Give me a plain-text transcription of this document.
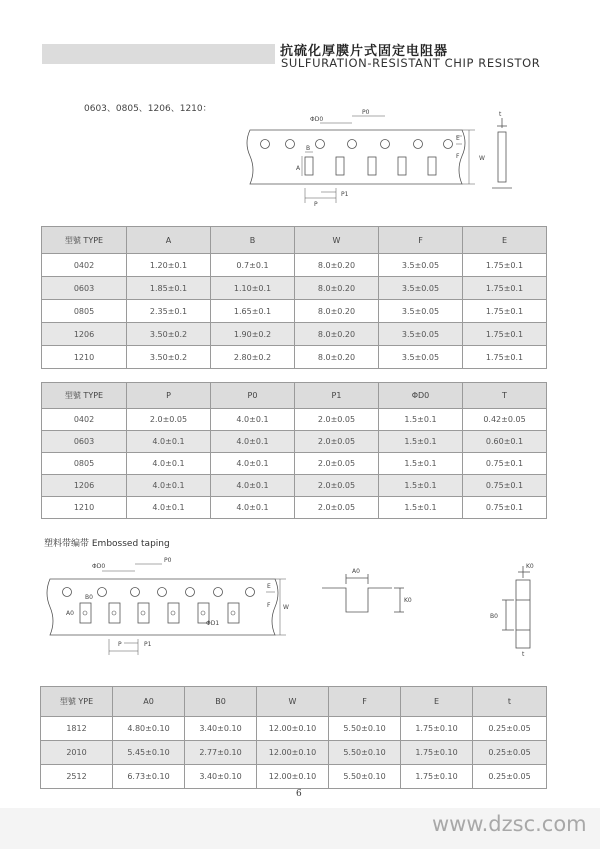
抗硫化厚膜片式固定电阻器
SULFURATION-RESISTANT CHIP RESISTOR
0603、0805、1206、1210：
ΦD0
P0
B
A
E
F	W
t
P
P1
型號 TYPE	A	B	W	F	E
0402	1.20±0.1	0.7±0.1	8.0±0.20	3.5±0.05	1.75±0.1
0603	1.85±0.1	1.10±0.1	8.0±0.20	3.5±0.05	1.75±0.1
0805	2.35±0.1	1.65±0.1	8.0±0.20	3.5±0.05	1.75±0.1
1206	3.50±0.2	1.90±0.2	8.0±0.20	3.5±0.05	1.75±0.1
1210	3.50±0.2	2.80±0.2	8.0±0.20	3.5±0.05	1.75±0.1
型號 TYPE	P	P0	P1	ΦD0	T
0402	2.0±0.05	4.0±0.1	2.0±0.05	1.5±0.1	0.42±0.05
0603	4.0±0.1	4.0±0.1	2.0±0.05	1.5±0.1	0.60±0.1
0805	4.0±0.1	4.0±0.1	2.0±0.05	1.5±0.1	0.75±0.1
1206	4.0±0.1	4.0±0.1	2.0±0.05	1.5±0.1	0.75±0.1
1210	4.0±0.1	4.0±0.1	2.0±0.05	1.5±0.1	0.75±0.1
塑料带编带 Embossed taping
ΦD0
P0
A0
B0
ΦD1
E
F W
P	P1
A0
K0
K0
B0
t
型號 YPE	A0	B0	W	F	E	t
1812	4.80±0.10	3.40±0.10	12.00±0.10	5.50±0.10	1.75±0.10	0.25±0.05
2010	5.45±0.10	2.77±0.10	12.00±0.10	5.50±0.10	1.75±0.10	0.25±0.05
2512	6.73±0.10	3.40±0.10	12.00±0.10	5.50±0.10	1.75±0.10	0.25±0.05
6
www.dzsc.com
